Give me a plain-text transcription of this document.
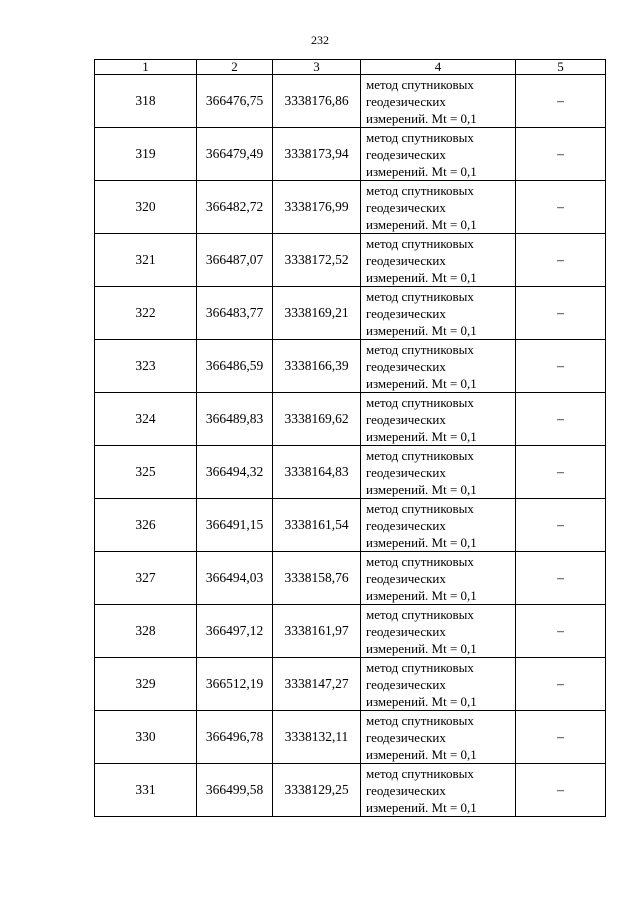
232
1	2	3	4	5
318	366476,75	3338176,86	метод спутниковых
геодезических
измерений. Mt = 0,1	–
319	366479,49	3338173,94	метод спутниковых
геодезических
измерений. Mt = 0,1	–
320	366482,72	3338176,99	метод спутниковых
геодезических
измерений. Mt = 0,1	–
321	366487,07	3338172,52	метод спутниковых
геодезических
измерений. Mt = 0,1	–
322	366483,77	3338169,21	метод спутниковых
геодезических
измерений. Mt = 0,1	–
323	366486,59	3338166,39	метод спутниковых
геодезических
измерений. Mt = 0,1	–
324	366489,83	3338169,62	метод спутниковых
геодезических
измерений. Mt = 0,1	–
325	366494,32	3338164,83	метод спутниковых
геодезических
измерений. Mt = 0,1	–
326	366491,15	3338161,54	метод спутниковых
геодезических
измерений. Mt = 0,1	–
327	366494,03	3338158,76	метод спутниковых
геодезических
измерений. Mt = 0,1	–
328	366497,12	3338161,97	метод спутниковых
геодезических
измерений. Mt = 0,1	–
329	366512,19	3338147,27	метод спутниковых
геодезических
измерений. Mt = 0,1	–
330	366496,78	3338132,11	метод спутниковых
геодезических
измерений. Mt = 0,1	–
331	366499,58	3338129,25	метод спутниковых
геодезических
измерений. Mt = 0,1	–
